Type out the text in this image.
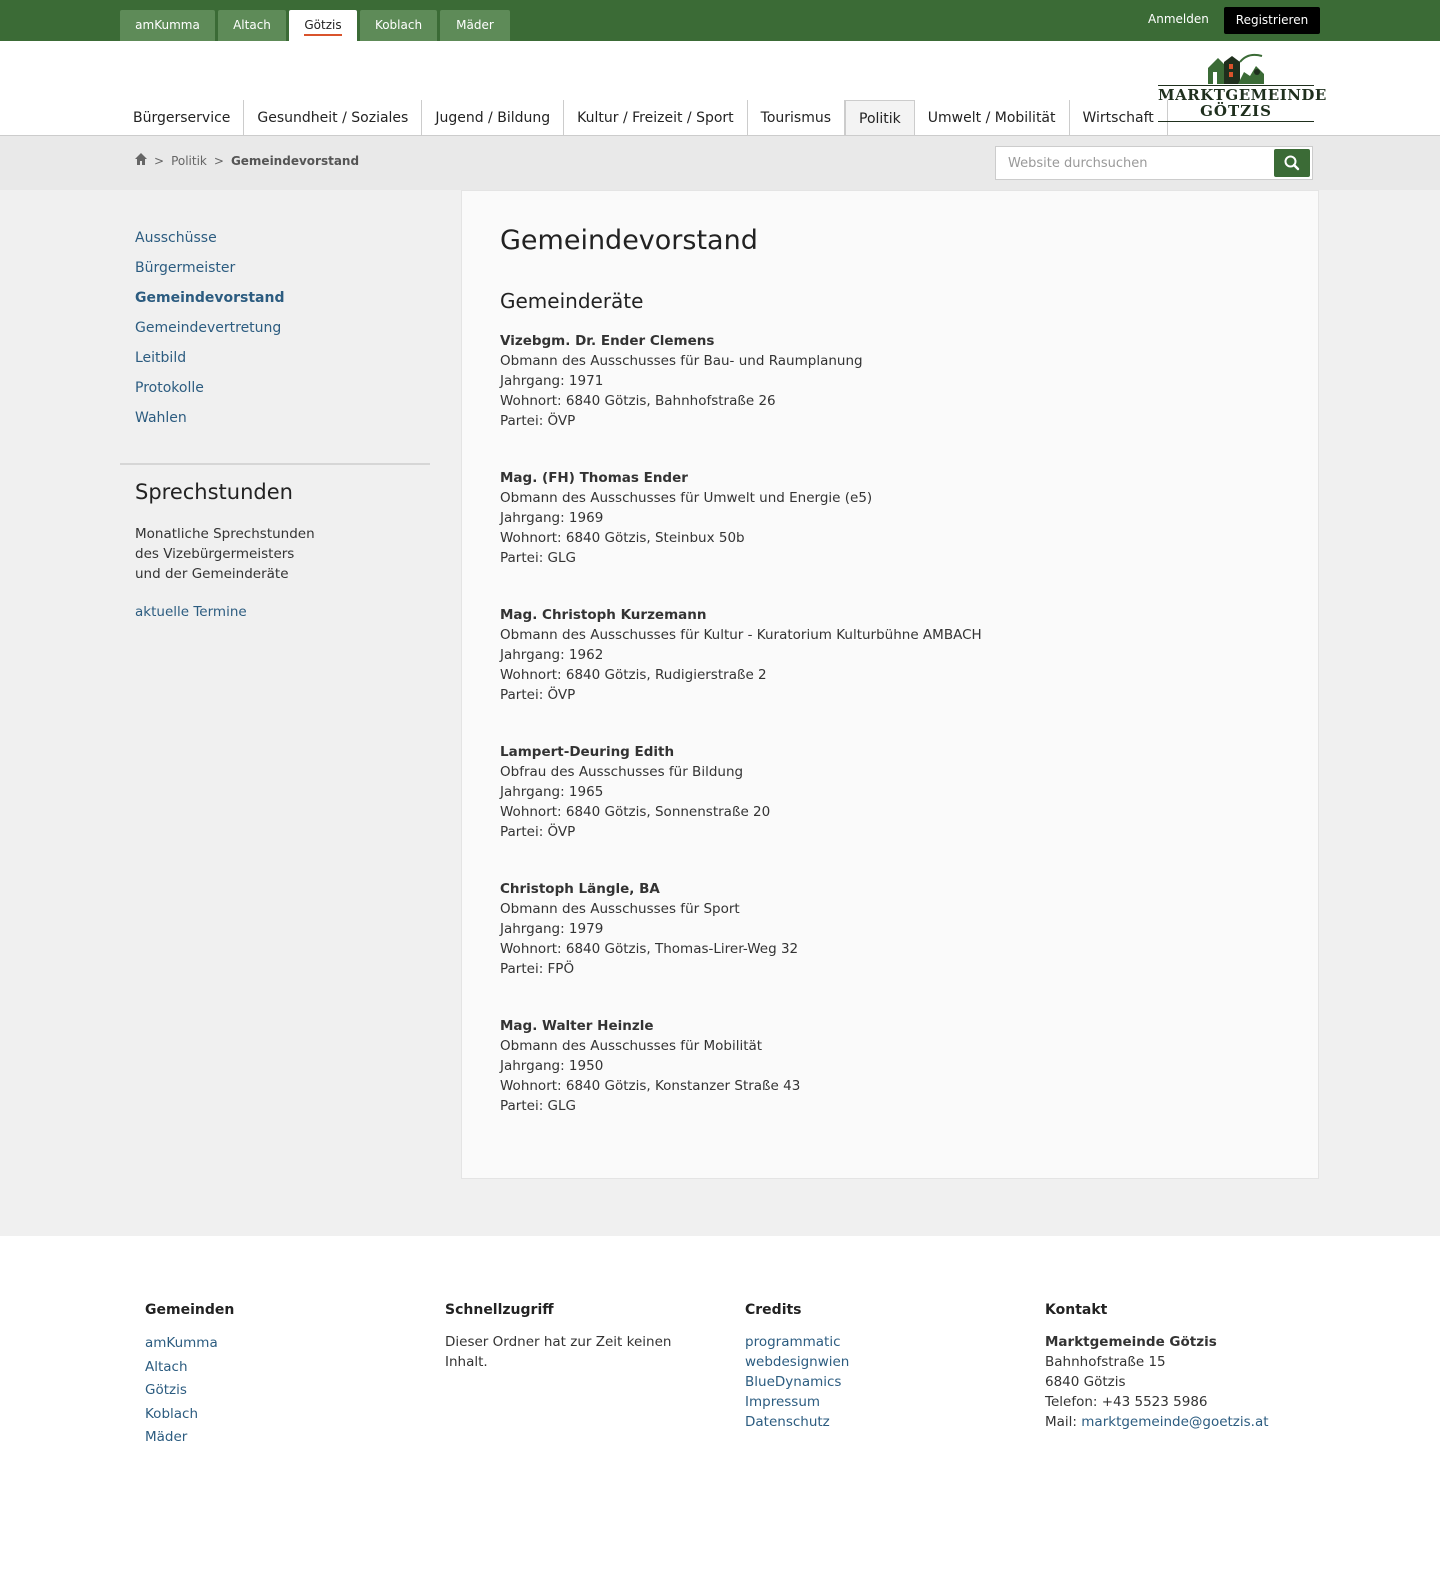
amKumma	Altach	Götzis	Koblach	Mäder	Anmelden	Registrieren
Bürgerservice	Gesundheit / Soziales	Jugend / Bildung	Kultur / Freizeit / Sport	Tourismus	Politik	Umwelt / Mobilität	Wirtschaft
MARKTGEMEINDE
GÖTZIS
> Politik > Gemeindevorstand
Website durchsuchen
Ausschüsse
Bürgermeister
Gemeindevorstand
Gemeindevertretung
Leitbild
Protokolle
Wahlen
Sprechstunden

Monatliche Sprechstunden
des Vizebürgermeisters
und der Gemeinderäte

aktuelle Termine
Gemeindevorstand
Gemeinderäte
Vizebgm. Dr. Ender Clemens
Obmann des Ausschusses für Bau- und Raumplanung
Jahrgang: 1971
Wohnort: 6840 Götzis, Bahnhofstraße 26
Partei: ÖVP
Mag. (FH) Thomas Ender
Obmann des Ausschusses für Umwelt und Energie (e5)
Jahrgang: 1969
Wohnort: 6840 Götzis, Steinbux 50b
Partei: GLG
Mag. Christoph Kurzemann
Obmann des Ausschusses für Kultur - Kuratorium Kulturbühne AMBACH
Jahrgang: 1962
Wohnort: 6840 Götzis, Rudigierstraße 2
Partei: ÖVP
Lampert-Deuring Edith
Obfrau des Ausschusses für Bildung
Jahrgang: 1965
Wohnort: 6840 Götzis, Sonnenstraße 20
Partei: ÖVP
Christoph Längle, BA
Obmann des Ausschusses für Sport
Jahrgang: 1979
Wohnort: 6840 Götzis, Thomas-Lirer-Weg 32
Partei: FPÖ
Mag. Walter Heinzle
Obmann des Ausschusses für Mobilität
Jahrgang: 1950
Wohnort: 6840 Götzis, Konstanzer Straße 43
Partei: GLG
Gemeinden
amKumma
Altach
Götzis
Koblach
Mäder
Schnellzugriff

Dieser Ordner hat zur Zeit keinen Inhalt.

Credits
programmatic
webdesignwien
BlueDynamics
Impressum
Datenschutz
Kontakt
Marktgemeinde Götzis
Bahnhofstraße 15
6840 Götzis
Telefon: +43 5523 5986
Mail: marktgemeinde@goetzis.at
